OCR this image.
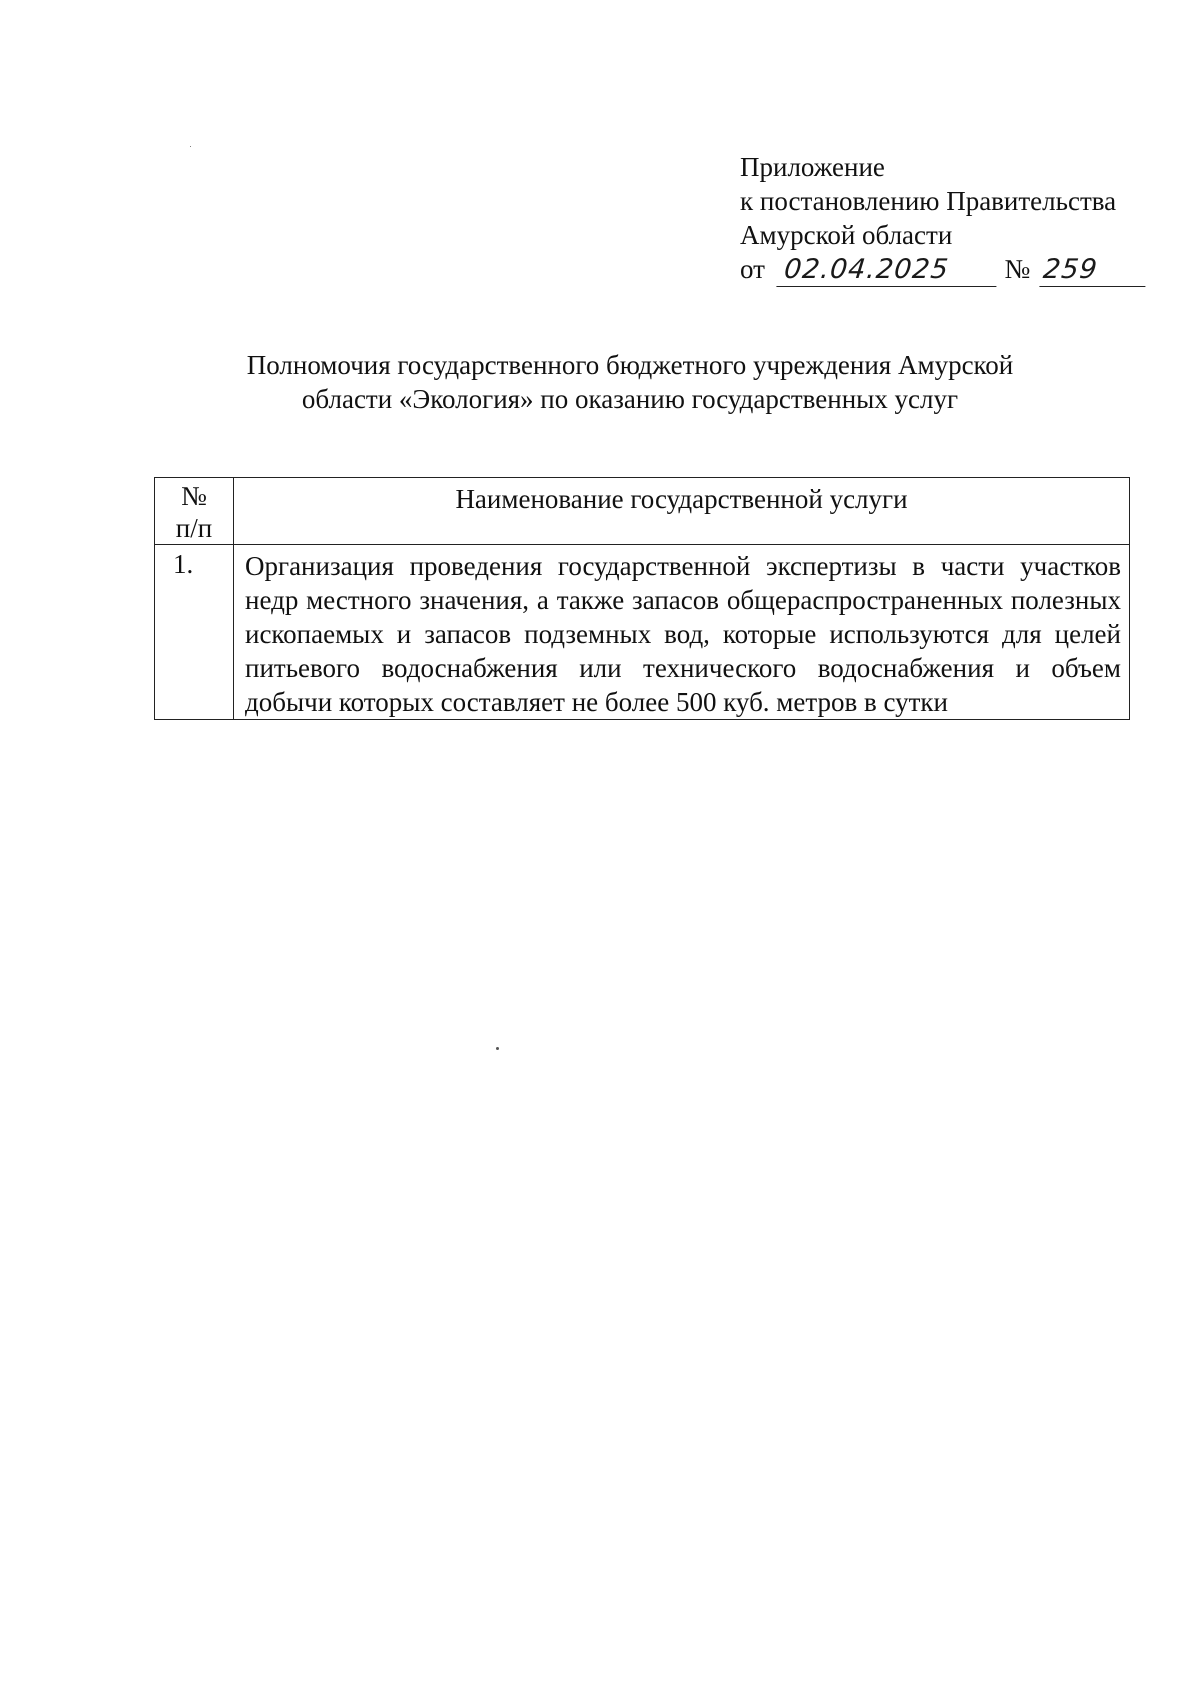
Приложение
к постановлению Правительства
Амурской области
от 02.04.2025 № 259
Полномочия государственного бюджетного учреждения Амурской
области «Экология» по оказанию государственных услуг
№
п/п	Наименование государственной услуги
1.	Организация проведения государственной экспертизы в части участков недр местного значения, а также запасов общераспространенных полезных ископаемых и запасов подземных вод, которые используются для целей питьевого водоснабжения или технического водоснабжения и объем добычи которых составляет не более 500 куб. метров в сутки
